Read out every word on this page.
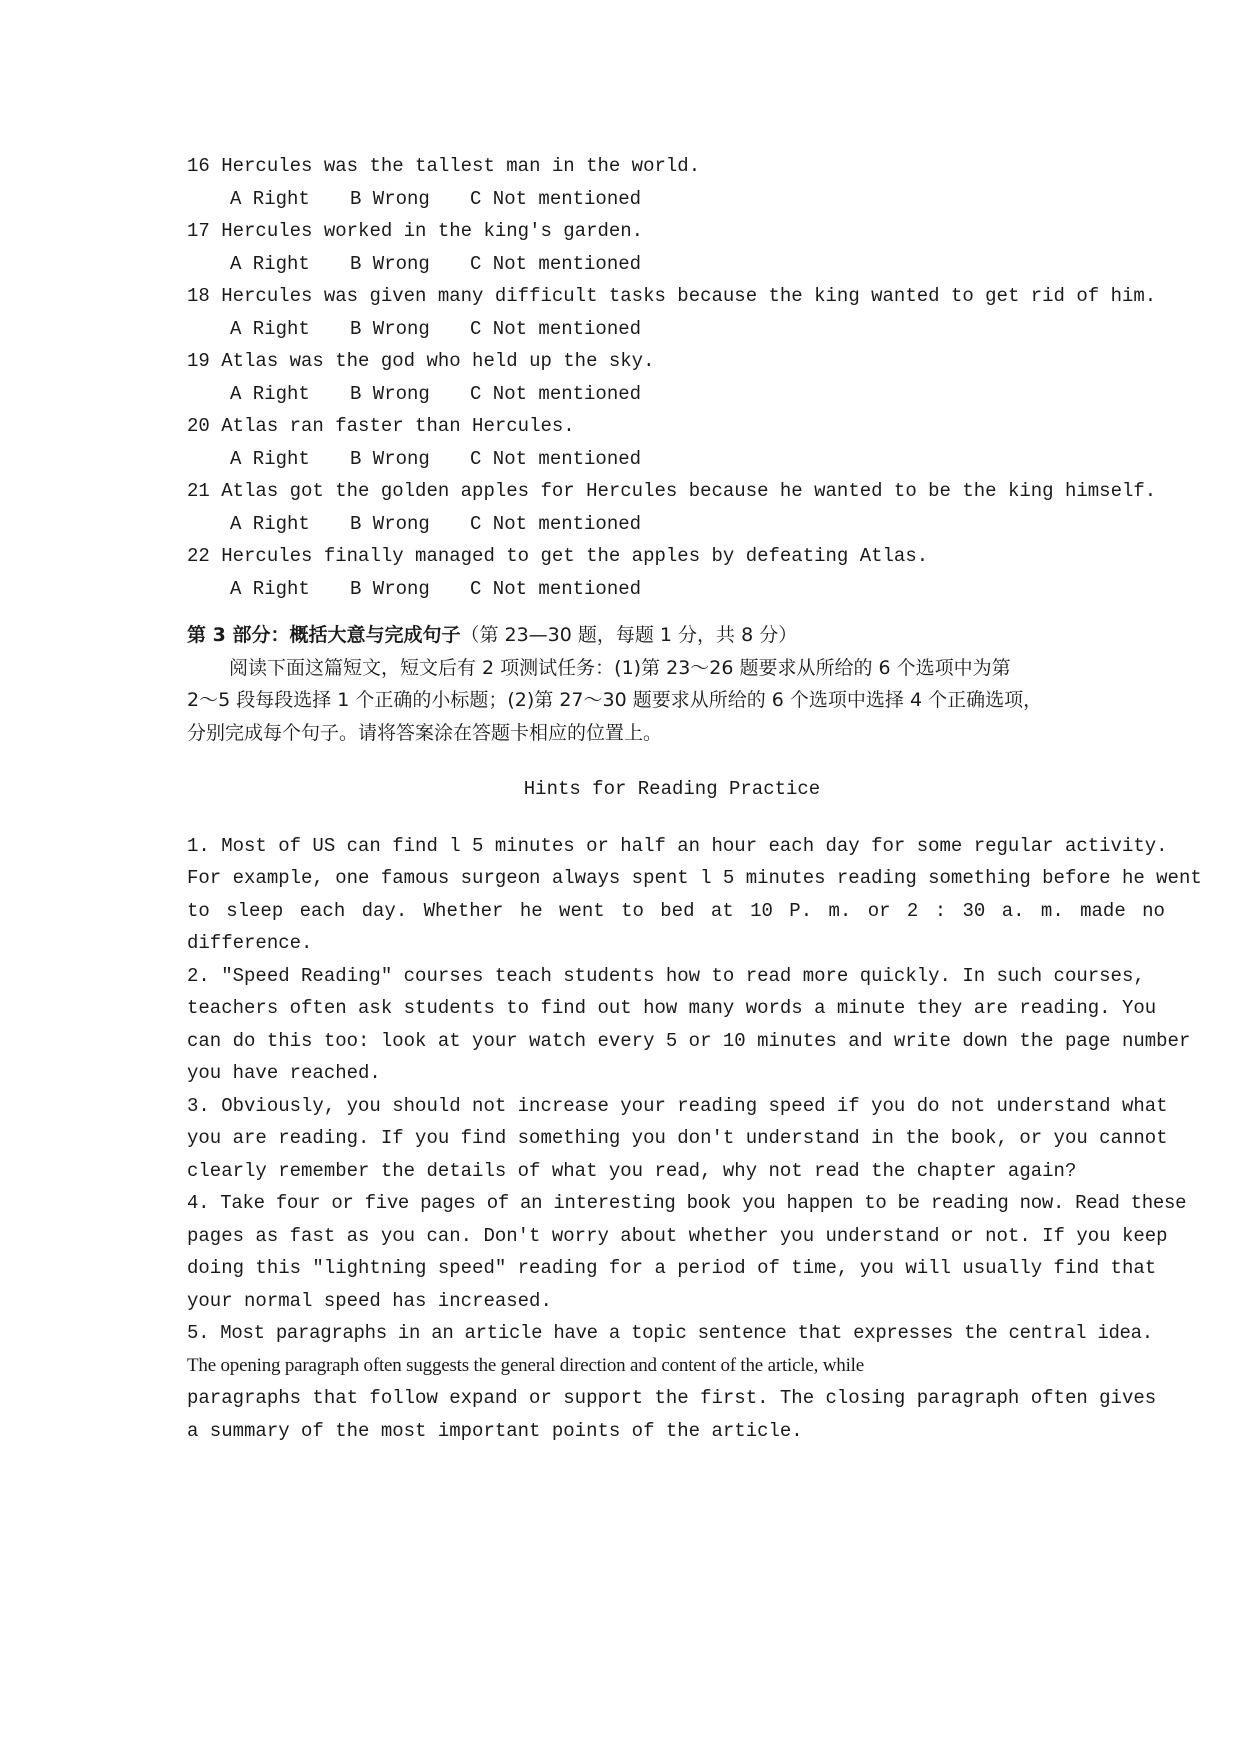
16 Hercules was the tallest man in the world.
A Right B Wrong C Not mentioned
17 Hercules worked in the king's garden.
A Right B Wrong C Not mentioned
18 Hercules was given many difficult tasks because the king wanted to get rid of him.
A Right B Wrong C Not mentioned
19 Atlas was the god who held up the sky.
A Right B Wrong C Not mentioned
20 Atlas ran faster than Hercules.
A Right B Wrong C Not mentioned
21 Atlas got the golden apples for Hercules because he wanted to be the king himself.
A Right B Wrong C Not mentioned
22 Hercules finally managed to get the apples by defeating Atlas.
A Right B Wrong C Not mentioned
第 3 部分：概括大意与完成句子（第 23—30 题，每题 1 分，共 8 分）
阅读下面这篇短文，短文后有 2 项测试任务：(1)第 23～26 题要求从所给的 6 个选项中为第
2～5 段每段选择 1 个正确的小标题；(2)第 27～30 题要求从所给的 6 个选项中选择 4 个正确选项，
分别完成每个句子。请将答案涂在答题卡相应的位置上。
Hints for Reading Practice
1. Most of US can find l 5 minutes or half an hour each day for some regular activity.
For example, one famous surgeon always spent l 5 minutes reading something before he went
to sleep each day. Whether he went to bed at 10 P. m. or 2 : 30 a. m. made no
difference.
2. "Speed Reading" courses teach students how to read more quickly. In such courses,
teachers often ask students to find out how many words a minute they are reading. You
can do this too: look at your watch every 5 or 10 minutes and write down the page number
you have reached.
3. Obviously, you should not increase your reading speed if you do not understand what
you are reading. If you find something you don't understand in the book, or you cannot
clearly remember the details of what you read, why not read the chapter again?
4. Take four or five pages of an interesting book you happen to be reading now. Read these
pages as fast as you can. Don't worry about whether you understand or not. If you keep
doing this "lightning speed" reading for a period of time, you will usually find that
your normal speed has increased.
5. Most paragraphs in an article have a topic sentence that expresses the central idea.
The opening paragraph often suggests the general direction and content of the article, while
paragraphs that follow expand or support the first. The closing paragraph often gives
a summary of the most important points of the article.
